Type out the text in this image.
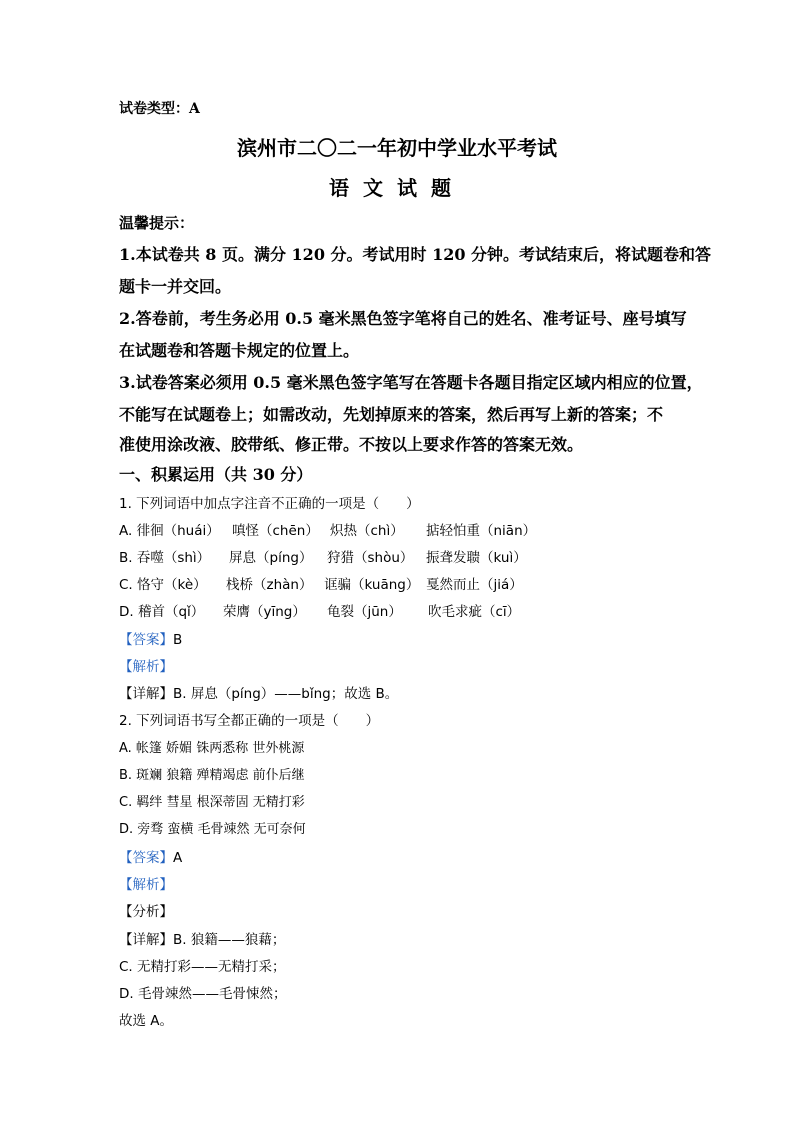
试卷类型：A
滨州市二〇二一年初中学业水平考试
语文试题
温馨提示：
1.本试卷共 8 页。满分 120 分。考试用时 120 分钟。考试结束后，将试题卷和答
题卡一并交回。
2.答卷前，考生务必用 0.5 毫米黑色签字笔将自己的姓名、准考证号、座号填写
在试题卷和答题卡规定的位置上。
3.试卷答案必须用 0.5 毫米黑色签字笔写在答题卡各题目指定区域内相应的位置，
不能写在试题卷上；如需改动，先划掉原来的答案，然后再写上新的答案；不
准使用涂改液、胶带纸、修正带。不按以上要求作答的答案无效。
一、积累运用（共 30 分）
1. 下列词语中加点字注音不正确的一项是（　　）
A. 徘徊（huái） 嗔怪（chēn） 炽热（chì） 掂轻怕重（niān）
B. 吞噬（shì） 屏息（píng） 狩猎（shòu） 振聋发聩（kuì）
C. 恪守（kè） 栈桥（zhàn） 诓骗（kuāng） 戛然而止（jiá）
D. 稽首（qǐ） 荣膺（yīng） 龟裂（jūn） 吹毛求疵（cī）
【答案】B
【解析】
【详解】B. 屏息（píng）——bǐng；故选 B。
2. 下列词语书写全都正确的一项是（　　）
A. 帐篷 娇媚 铢两悉称 世外桃源
B. 斑斓 狼籍 殚精竭虑 前仆后继
C. 羁绊 彗星 根深蒂固 无精打彩
D. 旁骛 蛮横 毛骨竦然 无可奈何
【答案】A
【解析】
【分析】
【详解】B. 狼籍——狼藉；
C. 无精打彩——无精打采；
D. 毛骨竦然——毛骨悚然；
故选 A。
